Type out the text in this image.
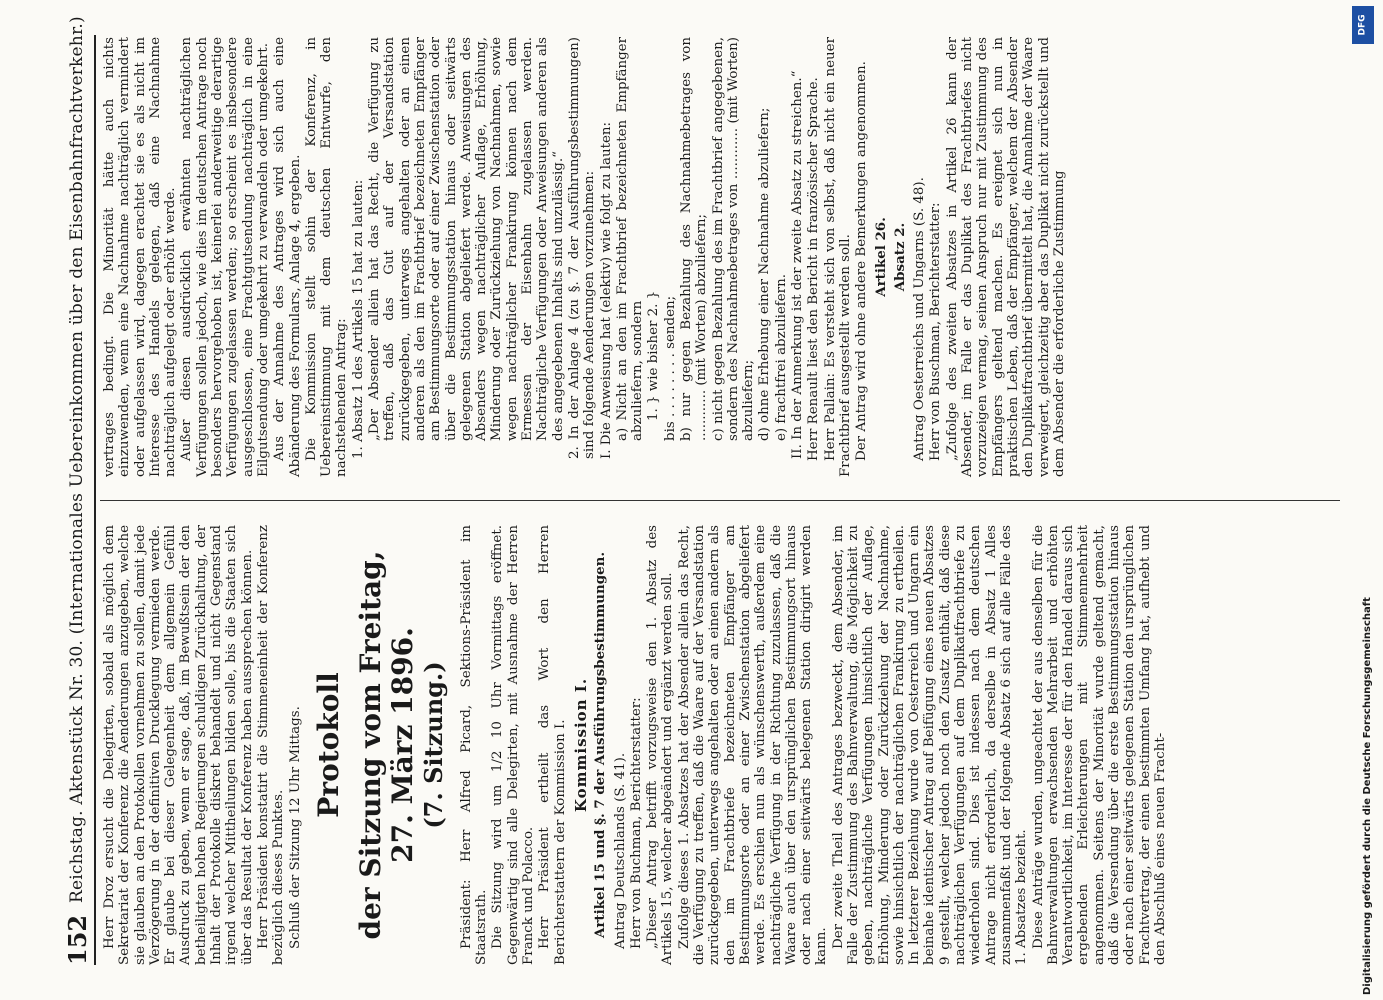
152
Reichstag. Aktenstück Nr. 30. (Internationales Uebereinkommen über den Eisenbahnfrachtverkehr.) Herr Droz ersucht die Delegirten, sobald als möglich dem Sekretariat der Konferenz die Aenderungen anzugeben, welche sie glauben an den Protokollen vornehmen zu sollen, damit jede Verzögerung in der definitiven Drucklegung vermieden werde. Er glaube bei dieser Gelegenheit dem allgemein Gefühl Ausdruck zu geben, wenn er sage, daß, im Bewußtsein der den betheiligten hohen Regierungen schuldigen Zurückhaltung, der Inhalt der Protokolle diskret behandelt und nicht Gegenstand irgend welcher Mittheilungen bilden solle, bis die Staaten sich über das Resultat der Konferenz haben aussprechen können. Herr Präsident konstatirt die Stimmeneinheit der Konferenz bezüglich dieses Punktes. Schluß der Sitzung 12 Uhr Mittags. Protokoll der Sitzung vom Freitag, 27. März 1896. (7. Sitzung.) Präsident: Herr Alfred Picard, Sektions-Präsident im Staatsrath. Die Sitzung wird um 1/2 10 Uhr Vormittags eröffnet. Gegenwärtig sind alle Delegirten, mit Ausnahme der Herren Franck und Polacco. Herr Präsident ertheilt das Wort den Herren Berichterstattern der Kommission I. Kommission I. Artikel 15 und §. 7 der Ausführungsbestimmungen. Antrag Deutschlands (S. 41). Herr von Buchman, Berichterstatter: „Dieser Antrag betrifft vorzugsweise den 1. Absatz des Artikels 15, welcher abgeändert und ergänzt werden soll. Zufolge dieses 1. Absatzes hat der Absender allein das Recht, die Verfügung zu treffen, daß die Waare auf der Versandstation zurückgegeben, unterwegs angehalten oder an einen andern als den im Frachtbriefe bezeichneten Empfänger am Bestimmungsorte oder an einer Zwischenstation abgeliefert werde. Es erschien nun als wünschenswerth, außerdem eine nachträgliche Verfügung in der Richtung zuzulassen, daß die Waare auch über den ursprünglichen Bestimmungsort hinaus oder nach einer seitwärts belegenen Station dirigirt werden kann. Der zweite Theil des Antrages bezweckt, dem Absender, im Falle der Zustimmung des Bahnverwaltung, die Möglichkeit zu geben, nachträgliche Verfügungen hinsichtlich der Auflage, Erhöhung, Minderung oder Zurückziehung der Nachnahme, sowie hinsichtlich der nachträglichen Frankirung zu ertheilen. In letzterer Beziehung wurde von Oesterreich und Ungarn ein beinahe identischer Antrag auf Beifügung eines neuen Absatzes 9 gestellt, welcher jedoch noch den Zusatz enthält, daß diese nachträglichen Verfügungen auf dem Duplikatfrachtbriefe zu wiederholen sind. Dies ist indessen nach dem deutschen Antrage nicht erforderlich, da derselbe in Absatz 1 Alles zusammenfaßt und der folgende Absatz 6 sich auf alle Fälle des 1. Absatzes bezieht. Diese Anträge wurden, ungeachtet der aus denselben für die Bahnverwaltungen erwachsenden Mehrarbeit und erhöhten Verantwortlichkeit, im Interesse der für den Handel daraus sich ergebenden Erleichterungen mit Stimmenmehrheit angenommen. Seitens der Minorität wurde geltend gemacht, daß die Versendung über die erste Bestimmungsstation hinaus oder nach einer seitwärts gelegenen Station den ursprünglichen Frachtvertrag, der einen bestimmten Umfang hat, aufhebt und den Abschluß eines neuen Fracht-

vertrages bedingt. Die Minorität hätte auch nichts einzuwenden, wenn eine Nachnahme nachträglich vermindert oder aufgelassen wird, dagegen erachtet sie es als nicht im Interesse des Handels gelegen, daß eine Nachnahme nachträglich aufgelegt oder erhöht werde. Außer diesen ausdrücklich erwähnten nachträglichen Verfügungen sollen jedoch, wie dies im deutschen Antrage noch besonders hervorgehoben ist, keinerlei anderweitige derartige Verfügungen zugelassen werden; so erscheint es insbesondere ausgeschlossen, eine Frachtgutsendung nachträglich in eine Eilgutsendung oder umgekehrt zu verwandeln oder umgekehrt. Aus der Annahme des Antrages wird sich auch eine Abänderung des Formulars, Anlage 4, ergeben. Die Kommission stellt sohin der Konferenz, in Uebereinstimmung mit dem deutschen Entwurfe, den nachstehenden Antrag: 1. Absatz 1 des Artikels 15 hat zu lauten: „Der Absender allein hat das Recht, die Verfügung zu treffen, daß das Gut auf der Versandstation zurückgegeben, unterwegs angehalten oder an einen anderen als den im Frachtbrief bezeichneten Empfänger am Bestimmungsorte oder auf einer Zwischenstation oder über die Bestimmungsstation hinaus oder seitwärts gelegenen Station abgeliefert werde. Anweisungen des Absenders wegen nachträglicher Auflage, Erhöhung, Minderung oder Zurückziehung von Nachnahmen, sowie wegen nachträglicher Frankirung können nach dem Ermessen der Eisenbahn zugelassen werden. Nachträgliche Verfügungen oder Anweisungen anderen als des angegebenen Inhalts sind unzulässig.“ 2. In der Anlage 4 (zu §. 7 der Ausführungsbestimmungen) sind folgende Aenderungen vorzunehmen: I. Die Anweisung hat (elektiv) wie folgt zu lauten: a) Nicht an den im Frachtbrief bezeichneten Empfänger abzuliefern, sondern 1. } wie bisher 2. } bis . . . . . . . . senden; b) nur gegen Bezahlung des Nachnahmebetrages von ............ (mit Worten) abzuliefern; c) nicht gegen Bezahlung des im Frachtbrief angegebenen, sondern des Nachnahmebetrages von ............ (mit Worten) abzuliefern; d) ohne Erhebung einer Nachnahme abzuliefern; e) frachtfrei abzuliefern. II. In der Anmerkung ist der zweite Absatz zu streichen.“ Herr Renault liest den Bericht in französischer Sprache. Herr Pallain: Es versteht sich von selbst, daß nicht ein neuer Frachtbrief ausgestellt werden soll. Der Antrag wird ohne andere Bemerkungen angenommen. Artikel 26. Absatz 2. Antrag Oesterreichs und Ungarns (S. 48). Herr von Buschman, Berichterstatter: „Zufolge des zweiten Absatzes in Artikel 26 kann der Absender, im Falle er das Duplikat des Frachtbriefes nicht vorzuzeigen vermag, seinen Anspruch nur mit Zustimmung des Empfängers geltend machen. Es ereignet sich nun in praktischen Leben, daß der Empfänger, welchem der Absender den Duplikatfrachtbrief übermittelt hat, die Annahme der Waare verweigert, gleichzeitig aber das Duplikat nicht zurückstellt und dem Absender die erforderliche Zustimmung

Digitalisierung gefördert durch die Deutsche Forschungsgemeinschaft
DFG
